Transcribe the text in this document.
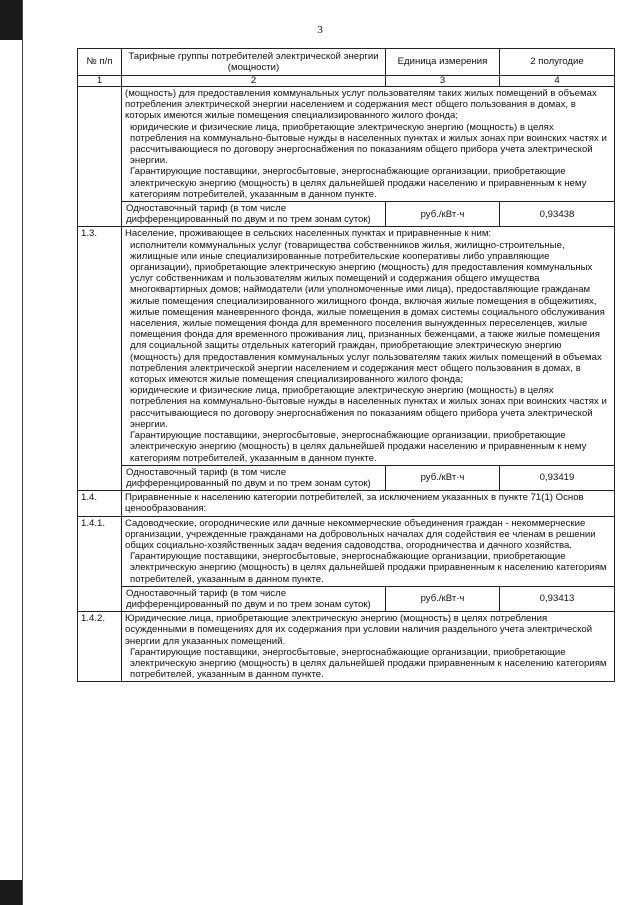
3
№ п/п	Тарифные группы потребителей электрической энергии (мощности)	Единица измерения	2 полугодие
1	2	3	4

	(мощность) для предоставления коммунальных услуг пользователям таких жилых помещений в объемах потребления электрической энергии населением и содержания мест общего пользования в домах, в которых имеются жилые помещения специализированного жилого фонда;

юридические и физические лица, приобретающие электрическую энергию (мощность) в целях потребления на коммунально-бытовые нужды в населенных пунктах и жилых зонах при воинских частях и рассчитывающиеся по договору энергоснабжения по показаниям общего прибора учета электрической энергии.

Гарантирующие поставщики, энергосбытовые, энергоснабжающие организации, приобретающие электрическую энергию (мощность) в целях дальнейшей продажи населению и приравненным к нему категориям потребителей, указанным в данном пункте.		

	Одноставочный тариф (в том числе дифференцированный по двум и по трем зонам суток)	руб./кВт·ч	0,93438
1.3.	Население, проживающее в сельских населенных пунктах и приравненные к ним:

исполнители коммунальных услуг (товарищества собственников жилья, жилищно-строительные, жилищные или иные специализированные потребительские кооперативы либо управляющие организации), приобретающие электрическую энергию (мощность) для предоставления коммунальных услуг собственникам и пользователям жилых помещений и содержания общего имущества многоквартирных домов; наймодатели (или уполномоченные ими лица), предоставляющие гражданам жилые помещения специализированного жилищного фонда, включая жилые помещения в общежитиях, жилые помещения маневренного фонда, жилые помещения в домах системы социального обслуживания населения, жилые помещения фонда для временного поселения вынужденных переселенцев, жилые помещения фонда для временного проживания лиц, признанных беженцами, а также жилые помещения для социальной защиты отдельных категорий граждан, приобретающие электрическую энергию (мощность) для предоставления коммунальных услуг пользователям таких жилых помещений в объемах потребления электрической энергии населением и содержания мест общего пользования в домах, в которых имеются жилые помещения специализированного жилого фонда;

юридические и физические лица, приобретающие электрическую энергию (мощность) в целях потребления на коммунально-бытовые нужды в населенных пунктах и жилых зонах при воинских частях и рассчитывающиеся по договору энергоснабжения по показаниям общего прибора учета электрической энергии.

Гарантирующие поставщики, энергосбытовые, энергоснабжающие организации, приобретающие электрическую энергию (мощность) в целях дальнейшей продажи населению и приравненным к нему категориям потребителей, указанным в данном пункте.		

	Одноставочный тариф (в том числе дифференцированный по двум и по трем зонам суток)	руб./кВт·ч	0,93419
1.4.	Приравненные к населению категории потребителей, за исключением указанных в пункте 71(1) Основ ценообразования:		

1.4.1.	Садоводческие, огороднические или дачные некоммерческие объединения граждан - некоммерческие организации, учрежденные гражданами на добровольных началах для содействия ее членам в решении общих социально-хозяйственных задач ведения садоводства, огородничества и дачного хозяйства.

Гарантирующие поставщики, энергосбытовые, энергоснабжающие организации, приобретающие электрическую энергию (мощность) в целях дальнейшей продажи приравненным к населению категориям потребителей, указанным в данном пункте.		

	Одноставочный тариф (в том числе дифференцированный по двум и по трем зонам суток)	руб./кВт·ч	0,93413
1.4.2.	Юридические лица, приобретающие электрическую энергию (мощность) в целях потребления осужденными в помещениях для их содержания при условии наличия раздельного учета электрической энергии для указанных помещений.

Гарантирующие поставщики, энергосбытовые, энергоснабжающие организации, приобретающие электрическую энергию (мощность) в целях дальнейшей продажи приравненным к населению категориям потребителей, указанным в данном пункте.		
